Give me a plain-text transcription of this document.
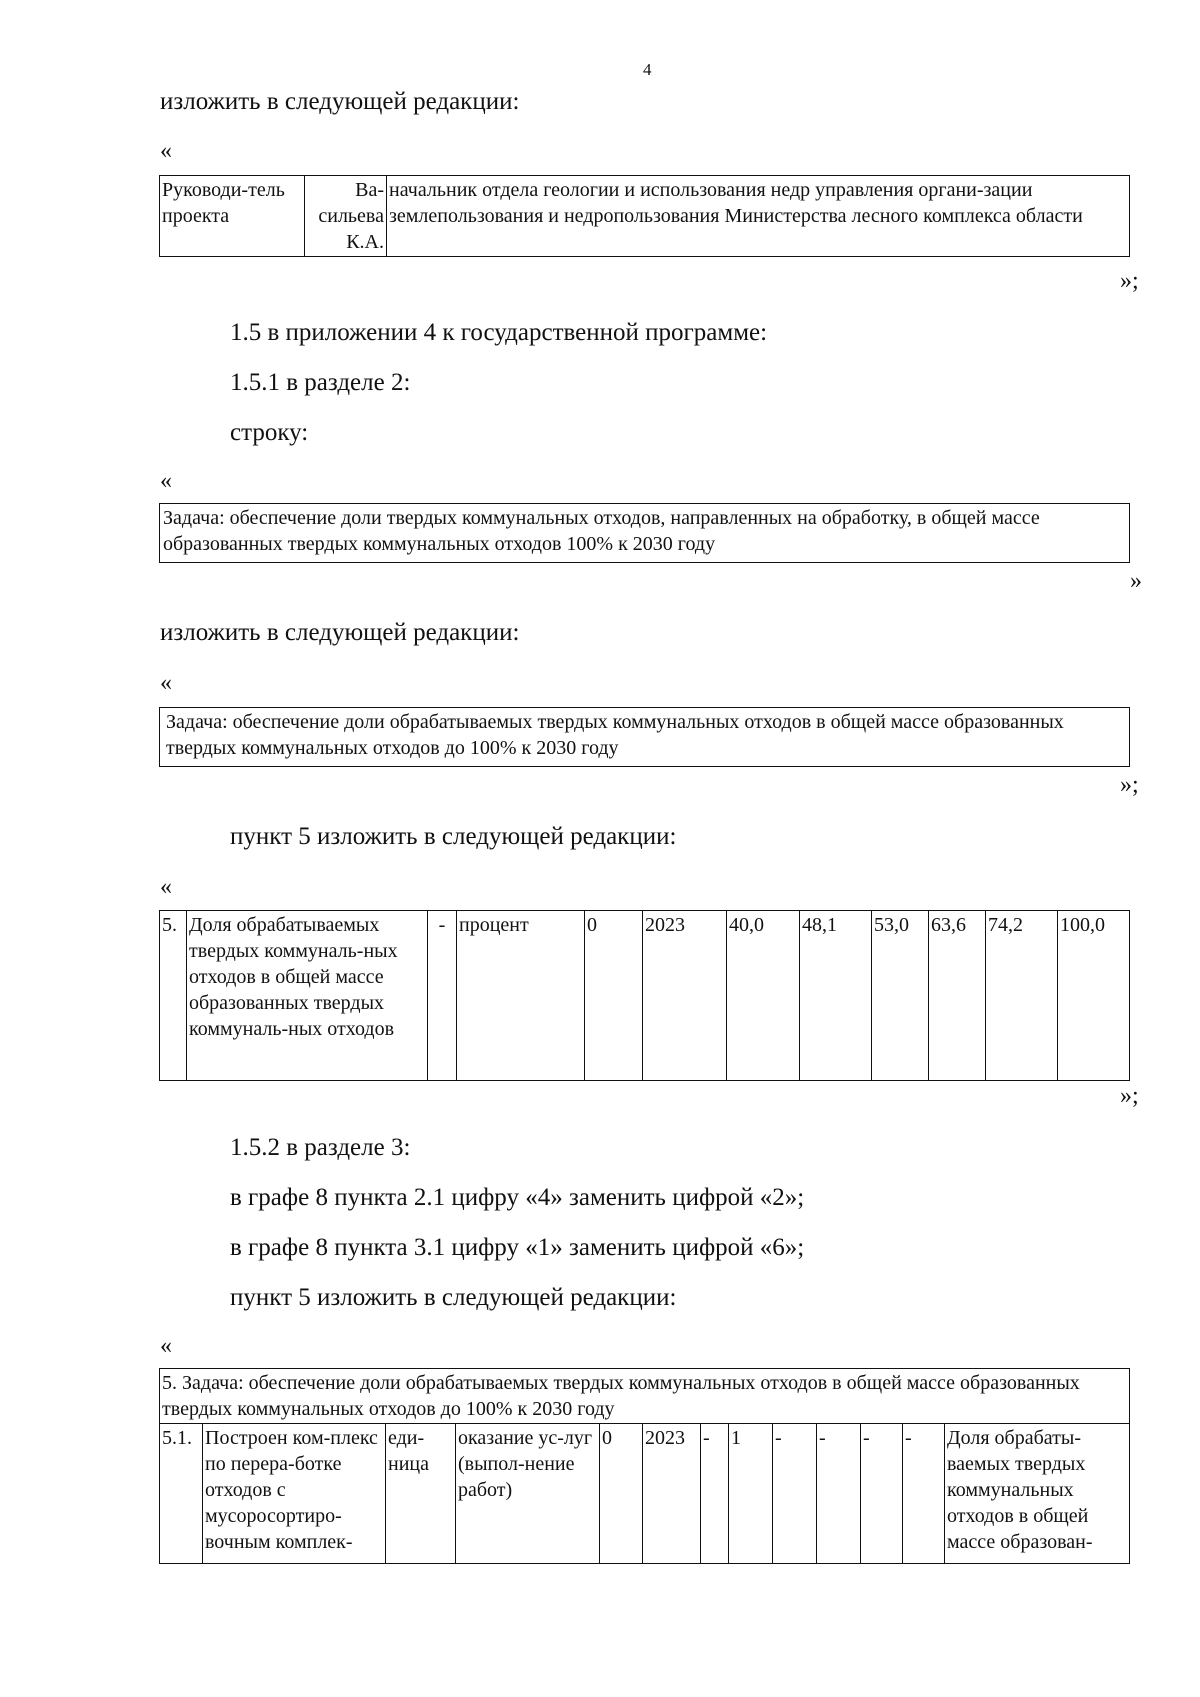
4
изложить в следующей редакции:
«
Руководи-тель проекта	Ва-сильева К.А.	начальник отдела геологии и использования недр управления органи-зации землепользования и недропользования Министерства лесного комплекса области
»;
1.5 в приложении 4 к государственной программе:
1.5.1 в разделе 2:
строку:
«
Задача: обеспечение доли твердых коммунальных отходов, направленных на обработку, в общей массе образованных твердых коммунальных отходов 100% к 2030 году
»
изложить в следующей редакции:
«
Задача: обеспечение доли обрабатываемых твердых коммунальных отходов в общей массе образованных твердых коммунальных отходов до 100% к 2030 году
»;
пункт 5 изложить в следующей редакции:
«
5.	Доля обрабатываемых твердых коммуналь-ных отходов в общей массе образованных твердых коммуналь-ных отходов	-	процент	0	2023	40,0	48,1	53,0	63,6	74,2	100,0
»;
1.5.2 в разделе 3:
в графе 8 пункта 2.1 цифру «4» заменить цифрой «2»;
в графе 8 пункта 3.1 цифру «1» заменить цифрой «6»;
пункт 5 изложить в следующей редакции:
«
5. Задача: обеспечение доли обрабатываемых твердых коммунальных отходов в общей массе образованных твердых коммунальных отходов до 100% к 2030 году
5.1.	Построен ком-плекс по перера-ботке отходов с мусоросортиро-вочным комплек-	еди-ница	оказание ус-луг (выпол-нение работ)	0	2023	-	1	-	-	-	-	Доля обрабаты-ваемых твердых коммунальных отходов в общей массе образован-
